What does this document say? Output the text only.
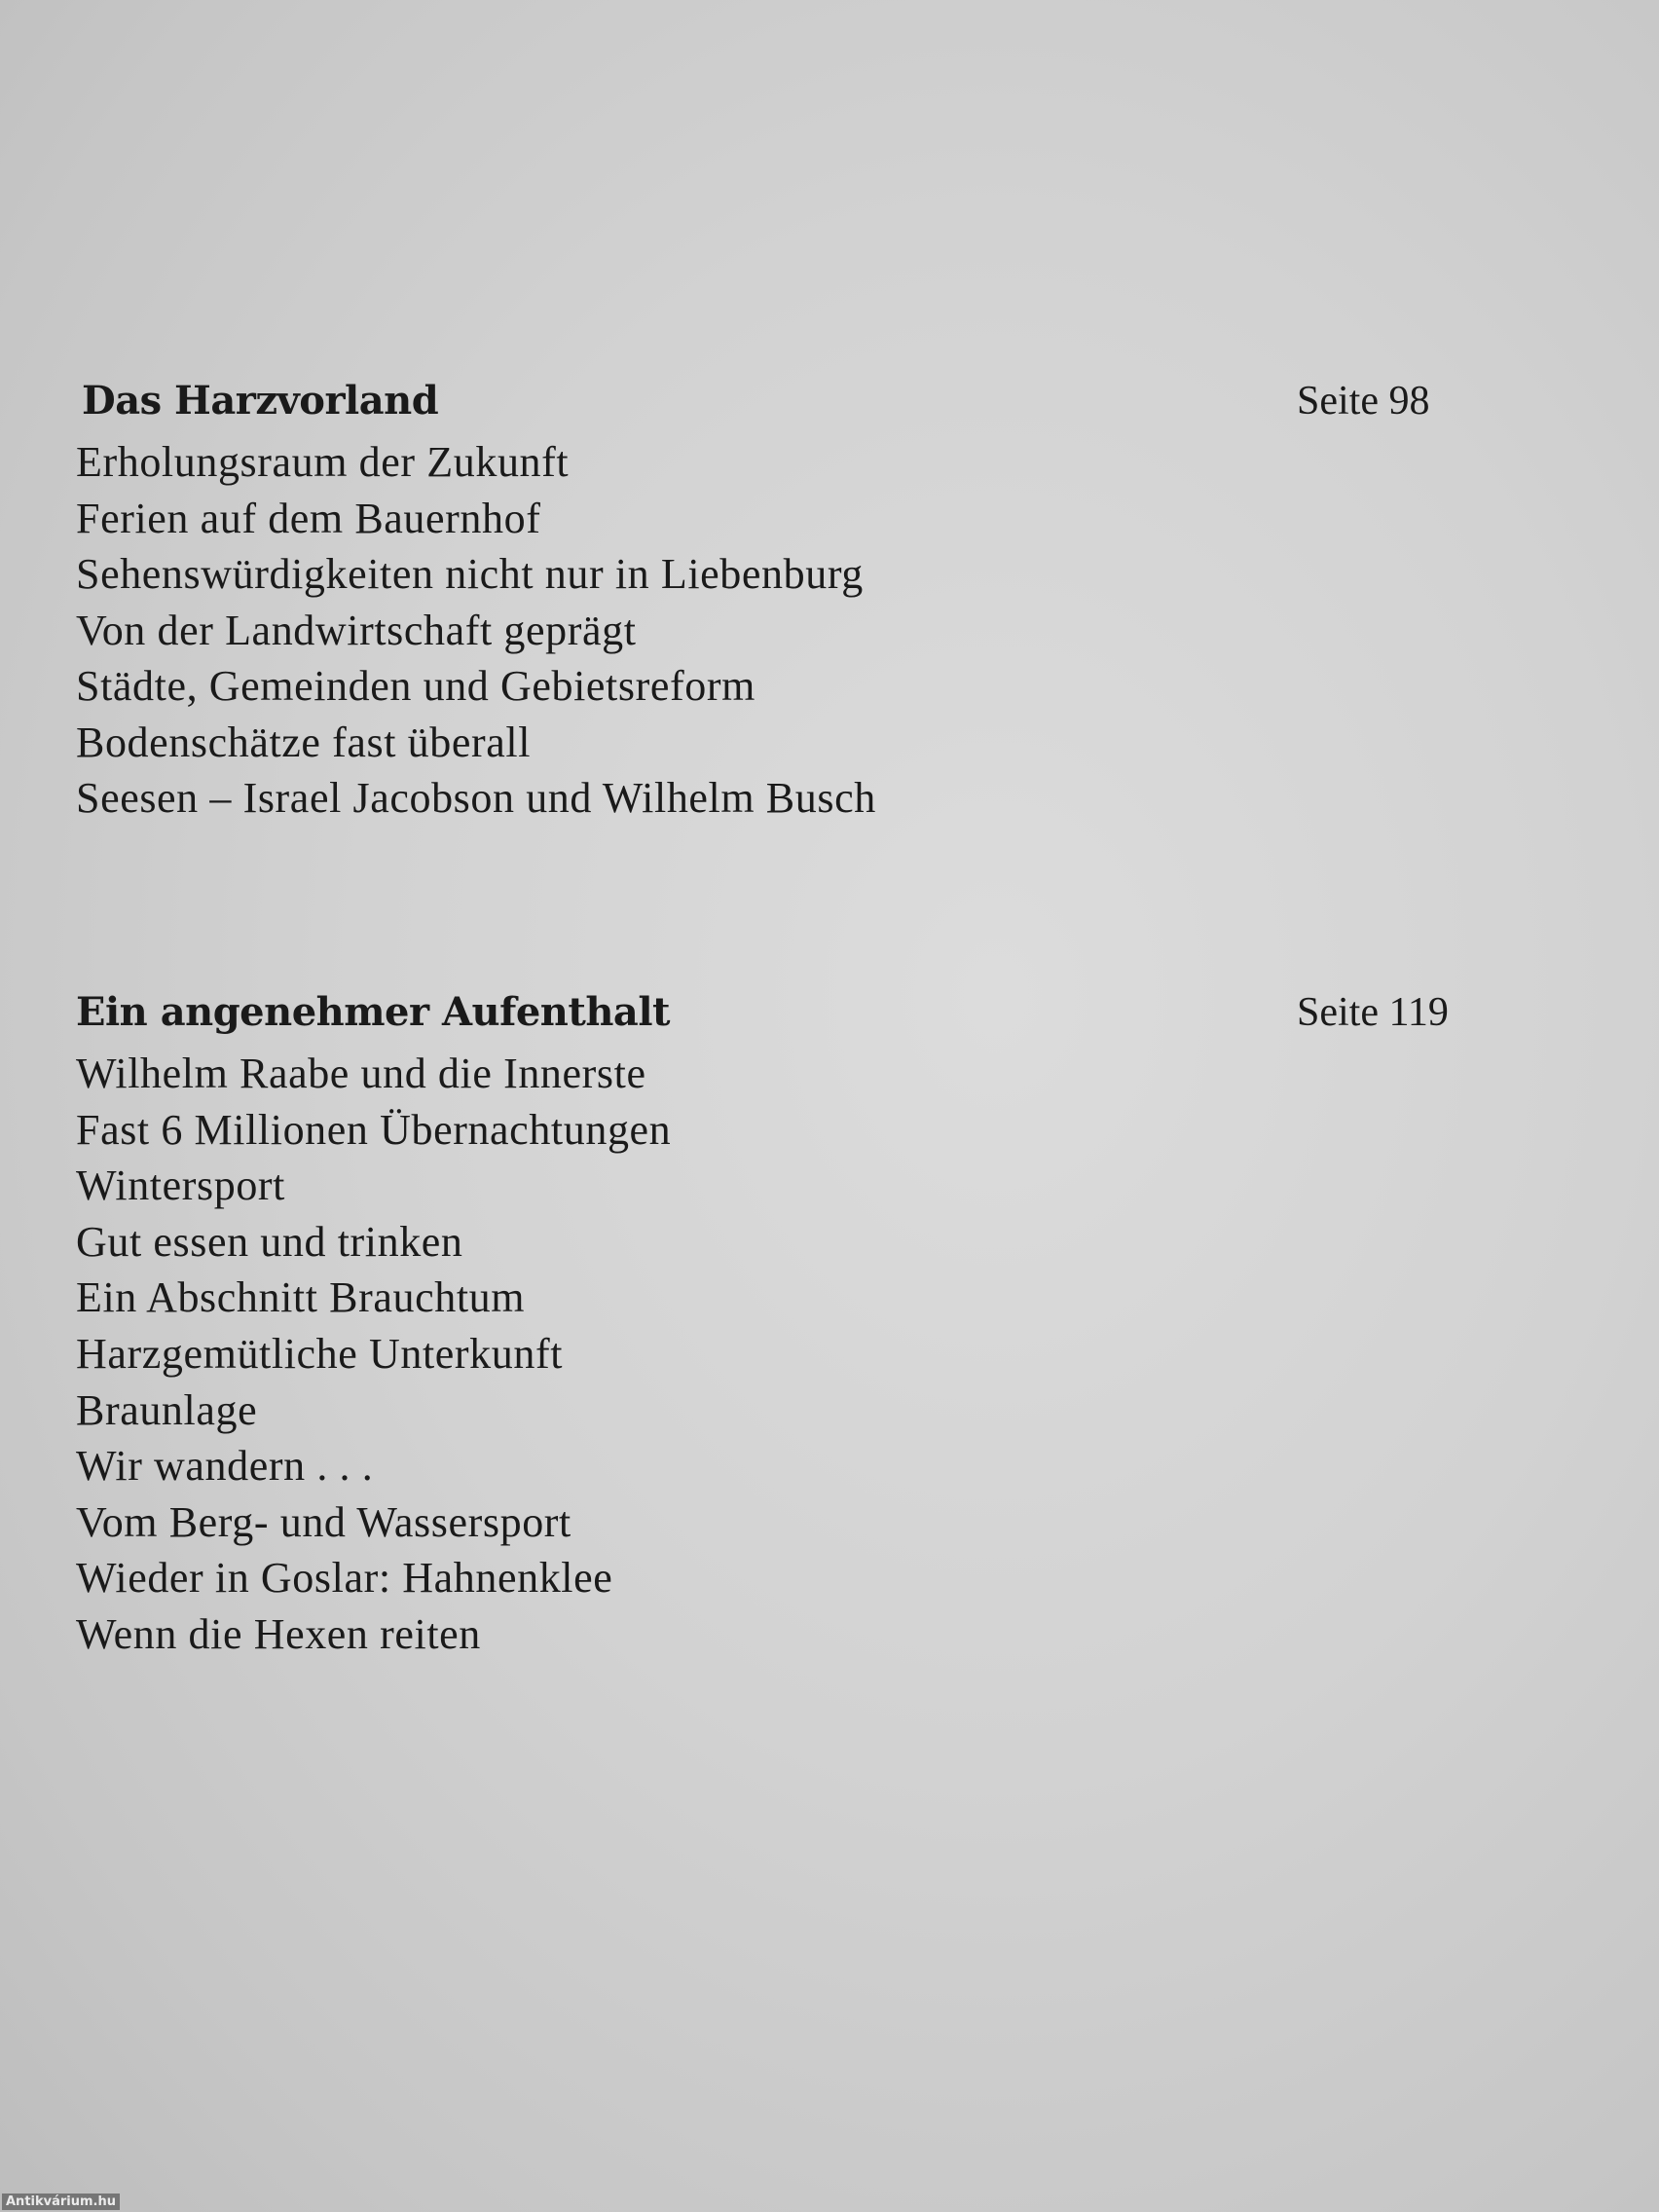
Das Harzvorland	Seite 98
Erholungsraum der Zukunft
Ferien auf dem Bauernhof
Sehenswürdigkeiten nicht nur in Liebenburg
Von der Landwirtschaft geprägt
Städte, Gemeinden und Gebietsreform
Bodenschätze fast überall
Seesen – Israel Jacobson und Wilhelm Busch
Ein angenehmer Aufenthalt	Seite 119
Wilhelm Raabe und die Innerste
Fast 6 Millionen Übernachtungen
Wintersport
Gut essen und trinken
Ein Abschnitt Brauchtum
Harzgemütliche Unterkunft
Braunlage
Wir wandern . . .
Vom Berg- und Wassersport
Wieder in Goslar: Hahnenklee
Wenn die Hexen reiten
Antikvárium.hu
